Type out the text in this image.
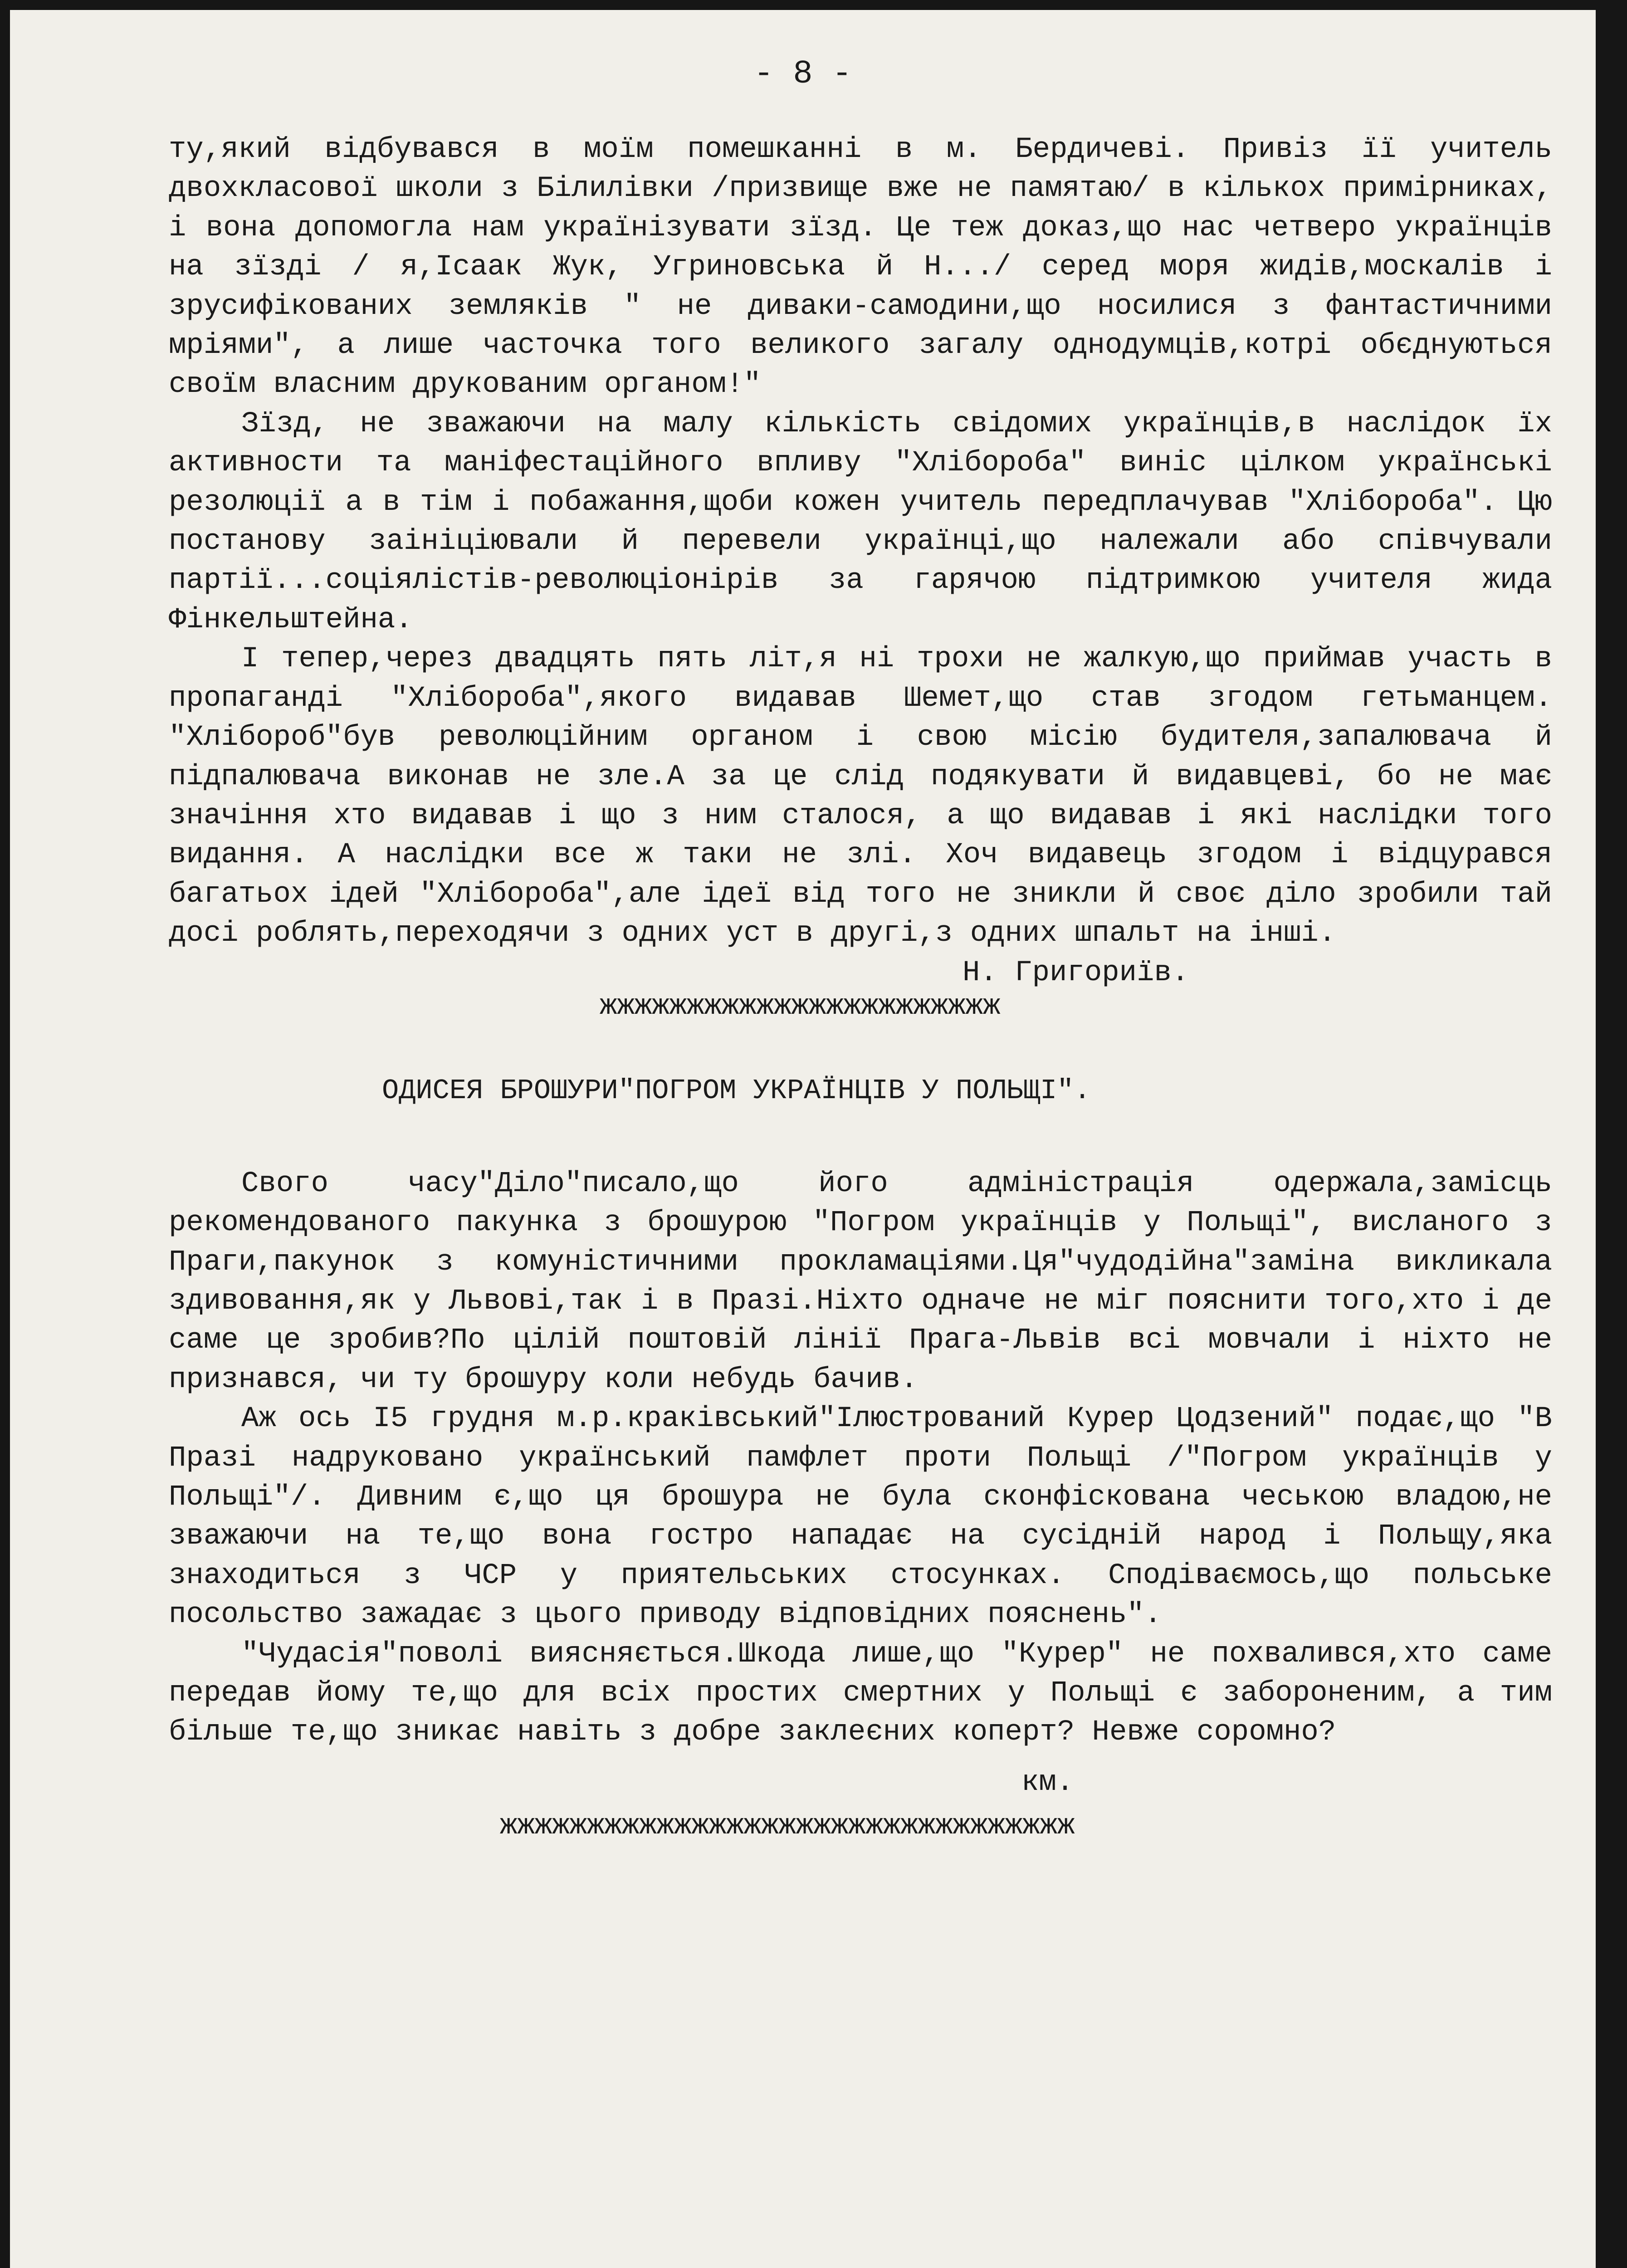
- 8 -

ту,який відбувався в моїм помешканні в м. Бердичеві. Привіз її учитель двохкласової школи з Білилівки /призвище вже не памятаю/ в кількох примірниках, і вона допомогла нам українізувати зїзд. Це теж доказ,що нас четверо українців на зїзді / я,Ісаак Жук, Угриновська й Н.../ серед моря жидів,москалів і зрусифікованих земляків " не диваки-самодини,що носилися з фантастичними мріями", а лише часточка того великого загалу однодумців,котрі обєднуються своїм власним друкованим органом!"

Зїзд, не зважаючи на малу кількість свідомих українців,в наслідок їх активности та маніфестаційного впливу "Хлібороба" виніс цілком українські резолюції а в тім і побажання,щоби кожен учитель передплачував "Хлібороба". Цю постанову заініціювали й перевели українці,що належали або співчували партії...соціялістів-революціонірів за гарячою підтримкою учителя жида Фінкельштейна.

І тепер,через двадцять пять літ,я ні трохи не жалкую,що приймав участь в пропаганді "Хлібороба",якого видавав Шемет,що став згодом гетьманцем. "Хлібороб"був революційним органом і свою місію будителя,запалювача й підпалювача виконав не зле.А за це слід подякувати й видавцеві, бо не має значіння хто видавав і що з ним сталося, а що видавав і які наслідки того видання. А наслідки все ж таки не злі. Хоч видавець згодом і відцурався багатьох ідей "Хлібороба",але ідеї від того не зникли й своє діло зробили тай досі роблять,переходячи з одних уст в другі,з одних шпальт на інші.

Н. Григориїв.

жжжжжжжжжжжжжжжжжжжжжжж

ОДИСЕЯ БРОШУРИ"ПОГРОМ УКРАЇНЦІВ У ПОЛЬЩІ".

Свого часу"Діло"писало,що його адміністрація одержала,замісць рекомендованого пакунка з брошурою "Погром українців у Польщі", висланого з Праги,пакунок з комуністичними прокламаціями.Ця"чудодійна"заміна викликала здивовання,як у Львові,так і в Празі.Ніхто одначе не міг пояснити того,хто і де саме це зробив?По цілій поштовій лінії Прага-Львів всі мовчали і ніхто не признався, чи ту брошуру коли небудь бачив.

Аж ось I5 грудня м.р.краківський"Ілюстрований Курер Цодзений" подає,що "В Празі надруковано український памфлет проти Польщі /"Погром українців у Польщі"/. Дивним є,що ця брошура не була сконфіскована чеською владою,не зважаючи на те,що вона гостро нападає на сусідній народ і Польщу,яка знаходиться з ЧСР у приятельських стосунках. Сподіваємось,що польське посольство зажадає з цього приводу відповідних пояснень".

"Чудасія"поволі виясняється.Шкода лише,що "Курер" не похвалився,хто саме передав йому те,що для всіх простих смертних у Польщі є забороненим, а тим більше те,що зникає навіть з добре заклеєних коперт? Невже соромно?

км.

жжжжжжжжжжжжжжжжжжжжжжжжжжжжжжжжж
